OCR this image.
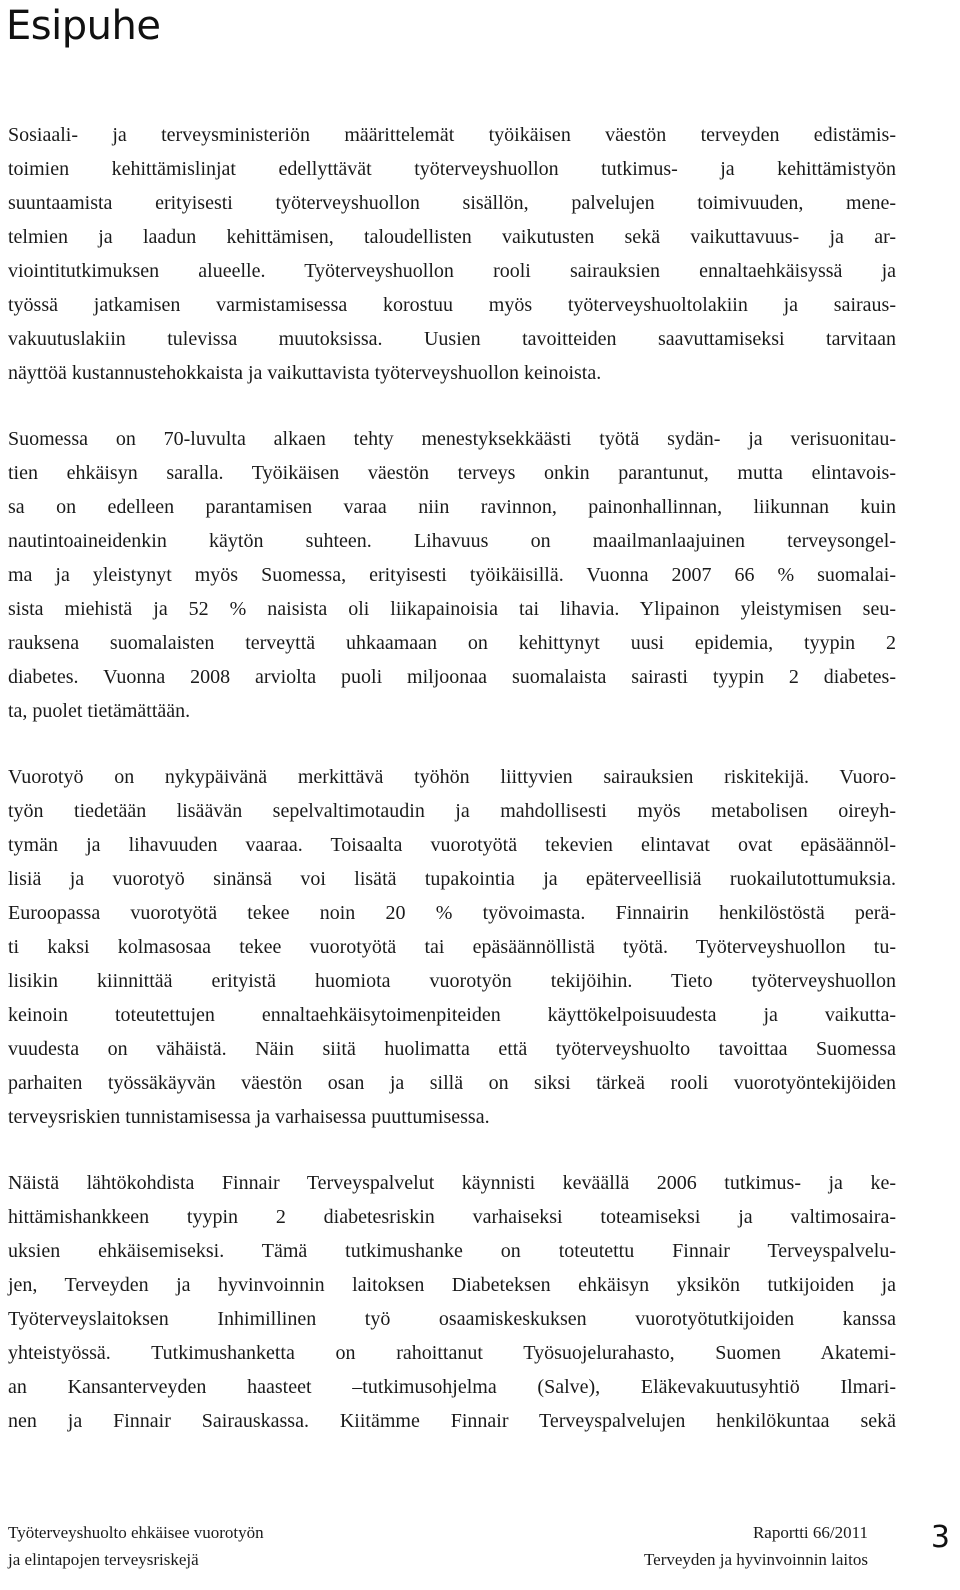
Esipuhe

Sosiaali- ja terveysministeriön määrittelemät työikäisen väestön terveyden edistämis-
toimien kehittämislinjat edellyttävät työterveyshuollon tutkimus- ja kehittämistyön
suuntaamista erityisesti työterveyshuollon sisällön, palvelujen toimivuuden, mene-
telmien ja laadun kehittämisen, taloudellisten vaikutusten sekä vaikuttavuus- ja ar-
viointitutkimuksen alueelle. Työterveyshuollon rooli sairauksien ennaltaehkäisyssä ja
työssä jatkamisen varmistamisessa korostuu myös työterveyshuoltolakiin ja sairaus-
vakuutuslakiin tulevissa muutoksissa. Uusien tavoitteiden saavuttamiseksi tarvitaan
näyttöä kustannustehokkaista ja vaikuttavista työterveyshuollon keinoista.

Suomessa on 70-luvulta alkaen tehty menestyksekkäästi työtä sydän- ja verisuonitau-
tien ehkäisyn saralla. Työikäisen väestön terveys onkin parantunut, mutta elintavois-
sa on edelleen parantamisen varaa niin ravinnon, painonhallinnan, liikunnan kuin
nautintoaineidenkin käytön suhteen. Lihavuus on maailmanlaajuinen terveysongel-
ma ja yleistynyt myös Suomessa, erityisesti työikäisillä. Vuonna 2007 66 % suomalai-
sista miehistä ja 52 % naisista oli liikapainoisia tai lihavia. Ylipainon yleistymisen seu-
rauksena suomalaisten terveyttä uhkaamaan on kehittynyt uusi epidemia, tyypin 2
diabetes. Vuonna 2008 arviolta puoli miljoonaa suomalaista sairasti tyypin 2 diabetes-
ta, puolet tietämättään.

Vuorotyö on nykypäivänä merkittävä työhön liittyvien sairauksien riskitekijä. Vuoro-
työn tiedetään lisäävän sepelvaltimotaudin ja mahdollisesti myös metabolisen oireyh-
tymän ja lihavuuden vaaraa. Toisaalta vuorotyötä tekevien elintavat ovat epäsäännöl-
lisiä ja vuorotyö sinänsä voi lisätä tupakointia ja epäterveellisiä ruokailutottumuksia.
Euroopassa vuorotyötä tekee noin 20 % työvoimasta. Finnairin henkilöstöstä perä-
ti kaksi kolmasosaa tekee vuorotyötä tai epäsäännöllistä työtä. Työterveyshuollon tu-
lisikin kiinnittää erityistä huomiota vuorotyön tekijöihin. Tieto työterveyshuollon
keinoin toteutettujen ennaltaehkäisytoimenpiteiden käyttökelpoisuudesta ja vaikutta-
vuudesta on vähäistä. Näin siitä huolimatta että työterveyshuolto tavoittaa Suomessa
parhaiten työssäkäyvän väestön osan ja sillä on siksi tärkeä rooli vuorotyöntekijöiden
terveysriskien tunnistamisessa ja varhaisessa puuttumisessa.

Näistä lähtökohdista Finnair Terveyspalvelut käynnisti keväällä 2006 tutkimus- ja ke-
hittämishankkeen tyypin 2 diabetesriskin varhaiseksi toteamiseksi ja valtimosaira-
uksien ehkäisemiseksi. Tämä tutkimushanke on toteutettu Finnair Terveyspalvelu-
jen, Terveyden ja hyvinvoinnin laitoksen Diabeteksen ehkäisyn yksikön tutkijoiden ja
Työterveyslaitoksen Inhimillinen työ osaamiskeskuksen vuorotyötutkijoiden kanssa
yhteistyössä. Tutkimushanketta on rahoittanut Työsuojelurahasto, Suomen Akatemi-
an Kansanterveyden haasteet –tutkimusohjelma (Salve), Eläkevakuutusyhtiö Ilmari-
nen ja Finnair Sairauskassa. Kiitämme Finnair Terveyspalvelujen henkilökuntaa sekä

Työterveyshuolto ehkäisee vuorotyön
ja elintapojen terveysriskejä
Raportti 66/2011
Terveyden ja hyvinvoinnin laitos
3
